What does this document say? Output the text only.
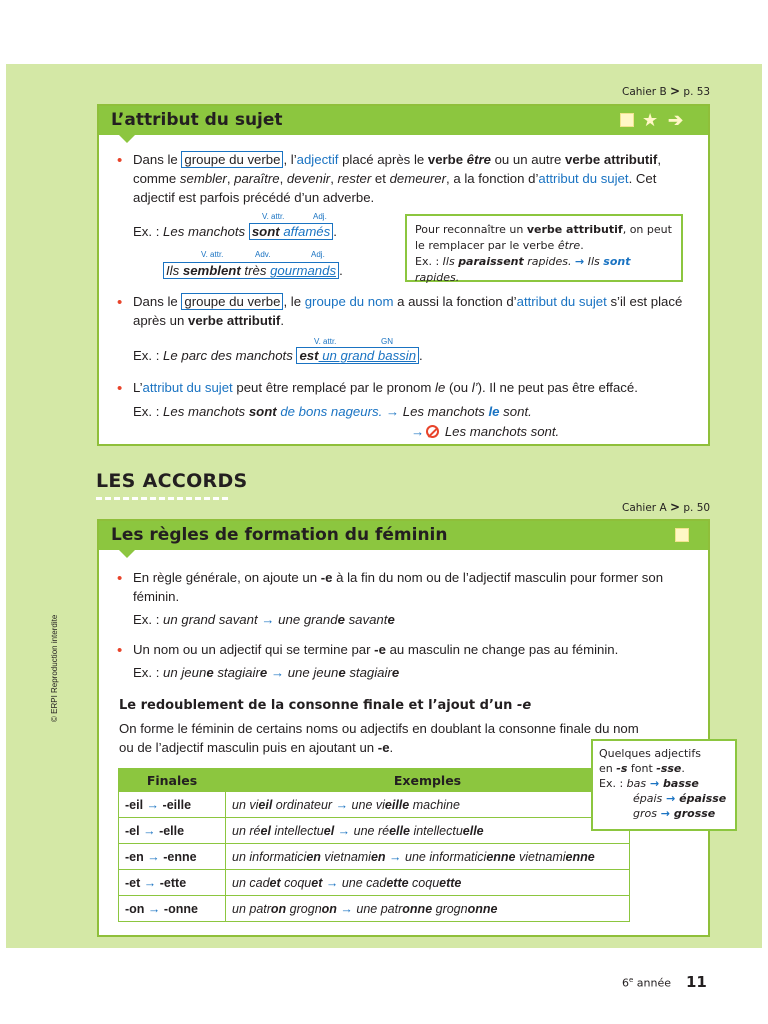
© ERPI Reproduction interdite
Cahier B > p. 53
L’attribut du sujet	★ ➔
•
Dans le groupe du verbe , l’adjectif placé après le verbe être ou un autre verbe attributif, comme sembler, paraître, devenir, rester et demeurer, a la fonction d’attribut du sujet. Cet adjectif est parfois précédé d’un adverbe.
V. attr.	Adj.
Ex. : Les manchots sont affamés .
V. attr.	Adv.	Adj.
Ils semblent très gourmands .
•
Dans le groupe du verbe , le groupe du nom a aussi la fonction d’attribut du sujet s’il est placé après un verbe attributif.
V. attr.	GN
Ex. : Le parc des manchots est un grand bassin .
•
L’attribut du sujet peut être remplacé par le pronom le (ou l’). Il ne peut pas être effacé.
Ex. : Les manchots sont de bons nageurs. → Les manchots le sont.
→ Les manchots sont.
Pour reconnaître un verbe attributif, on peut
le remplacer par le verbe être.
Ex. : Ils paraissent rapides. → Ils sont rapides.
LES ACCORDS
Cahier A > p. 50
Les règles de formation du féminin
•
En règle générale, on ajoute un -e à la fin du nom ou de l’adjectif masculin pour former son féminin.
Ex. : un grand savant → une grande savante
•
Un nom ou un adjectif qui se termine par -e au masculin ne change pas au féminin.
Ex. : un jeune stagiaire → une jeune stagiaire
Le redoublement de la consonne finale et l’ajout d’un -e
On forme le féminin de certains noms ou adjectifs en doublant la consonne finale du nom ou de l’adjectif masculin puis en ajoutant un -e.
Finales	Exemples
-eil → -eille	un vieil ordinateur → une vieille machine
-el → -elle	un réel intellectuel → une réelle intellectuelle
-en → -enne	un informaticien vietnamien → une informaticienne vietnamienne
-et → -ette	un cadet coquet → une cadette coquette
-on → -onne	un patron grognon → une patronne grognonne
Quelques adjectifs
en -s font -sse.
Ex. : bas → basse
épais → épaisse
gros → grosse
6e année 11
